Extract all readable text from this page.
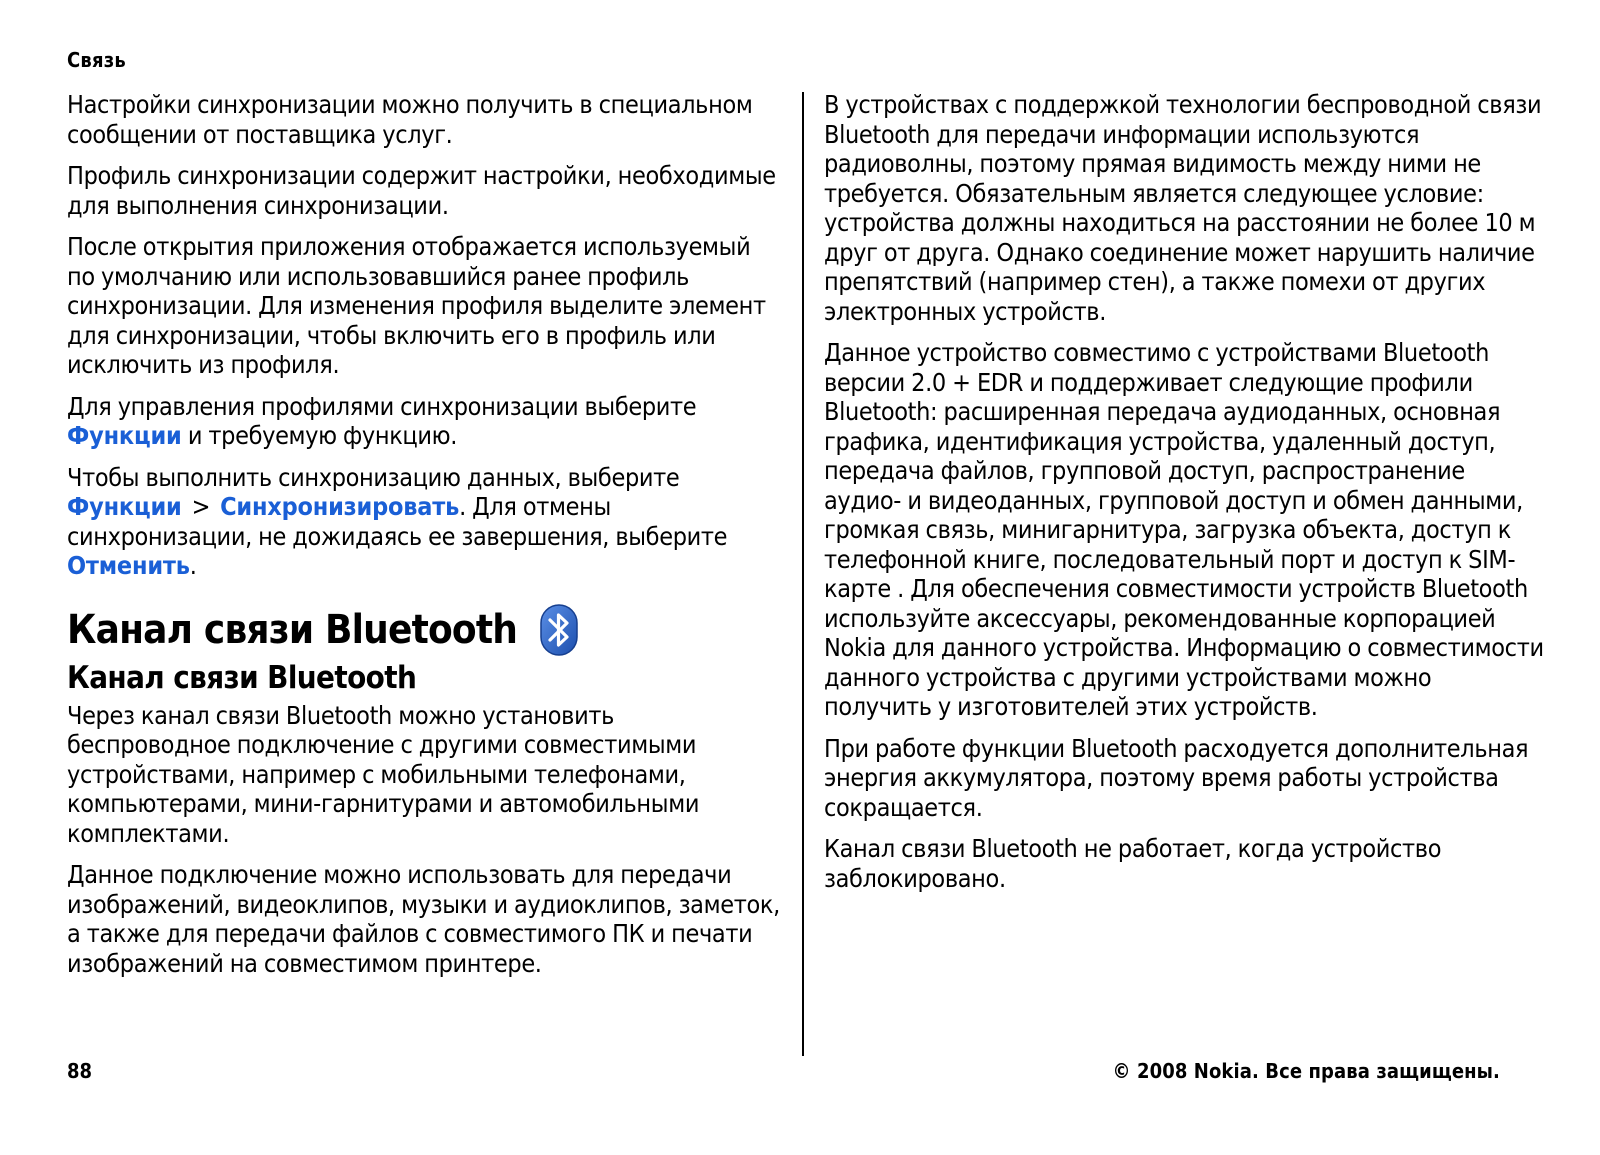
Связь

Настройки синхронизации можно получить в специальном сообщении от поставщика услуг.

Профиль синхронизации содержит настройки, необходимые для выполнения синхронизации.

После открытия приложения отображается используемый по умолчанию или использовавшийся ранее профиль синхронизации. Для изменения профиля выделите элемент для синхронизации, чтобы включить его в профиль или исключить из профиля.

Для управления профилями синхронизации выберите Функции и требуемую функцию.

Чтобы выполнить синхронизацию данных, выберите Функции > Синхронизировать. Для отмены синхронизации, не дожидаясь ее завершения, выберите Отменить.

Канал связи Bluetooth
Канал связи Bluetooth

Через канал связи Bluetooth можно установить беспроводное подключение с другими совместимыми устройствами, например с мобильными телефонами, компьютерами, мини-гарнитурами и автомобильными комплектами.

Данное подключение можно использовать для передачи изображений, видеоклипов, музыки и аудиоклипов, заметок, а также для передачи файлов с совместимого ПК и печати изображений на совместимом принтере.

В устройствах с поддержкой технологии беспроводной связи Bluetooth для передачи информации используются радиоволны, поэтому прямая видимость между ними не требуется. Обязательным является следующее условие: устройства должны находиться на расстоянии не более 10 м друг от друга. Однако соединение может нарушить наличие препятствий (например стен), а также помехи от других электронных устройств.

Данное устройство совместимо с устройствами Bluetooth версии 2.0 + EDR и поддерживает следующие профили Bluetooth: расширенная передача аудиоданных, основная графика, идентификация устройства, удаленный доступ, передача файлов, групповой доступ, распространение аудио- и видеоданных, групповой доступ и обмен данными, громкая связь, минигарнитура, загрузка объекта, доступ к телефонной книге, последовательный порт и доступ к SIM-карте . Для обеспечения совместимости устройств Bluetooth используйте аксессуары, рекомендованные корпорацией Nokia для данного устройства. Информацию о совместимости данного устройства с другими устройствами можно получить у изготовителей этих устройств.

При работе функции Bluetooth расходуется дополнительная энергия аккумулятора, поэтому время работы устройства сокращается.

Канал связи Bluetooth не работает, когда устройство заблокировано.

88	© 2008 Nokia. Все права защищены.
